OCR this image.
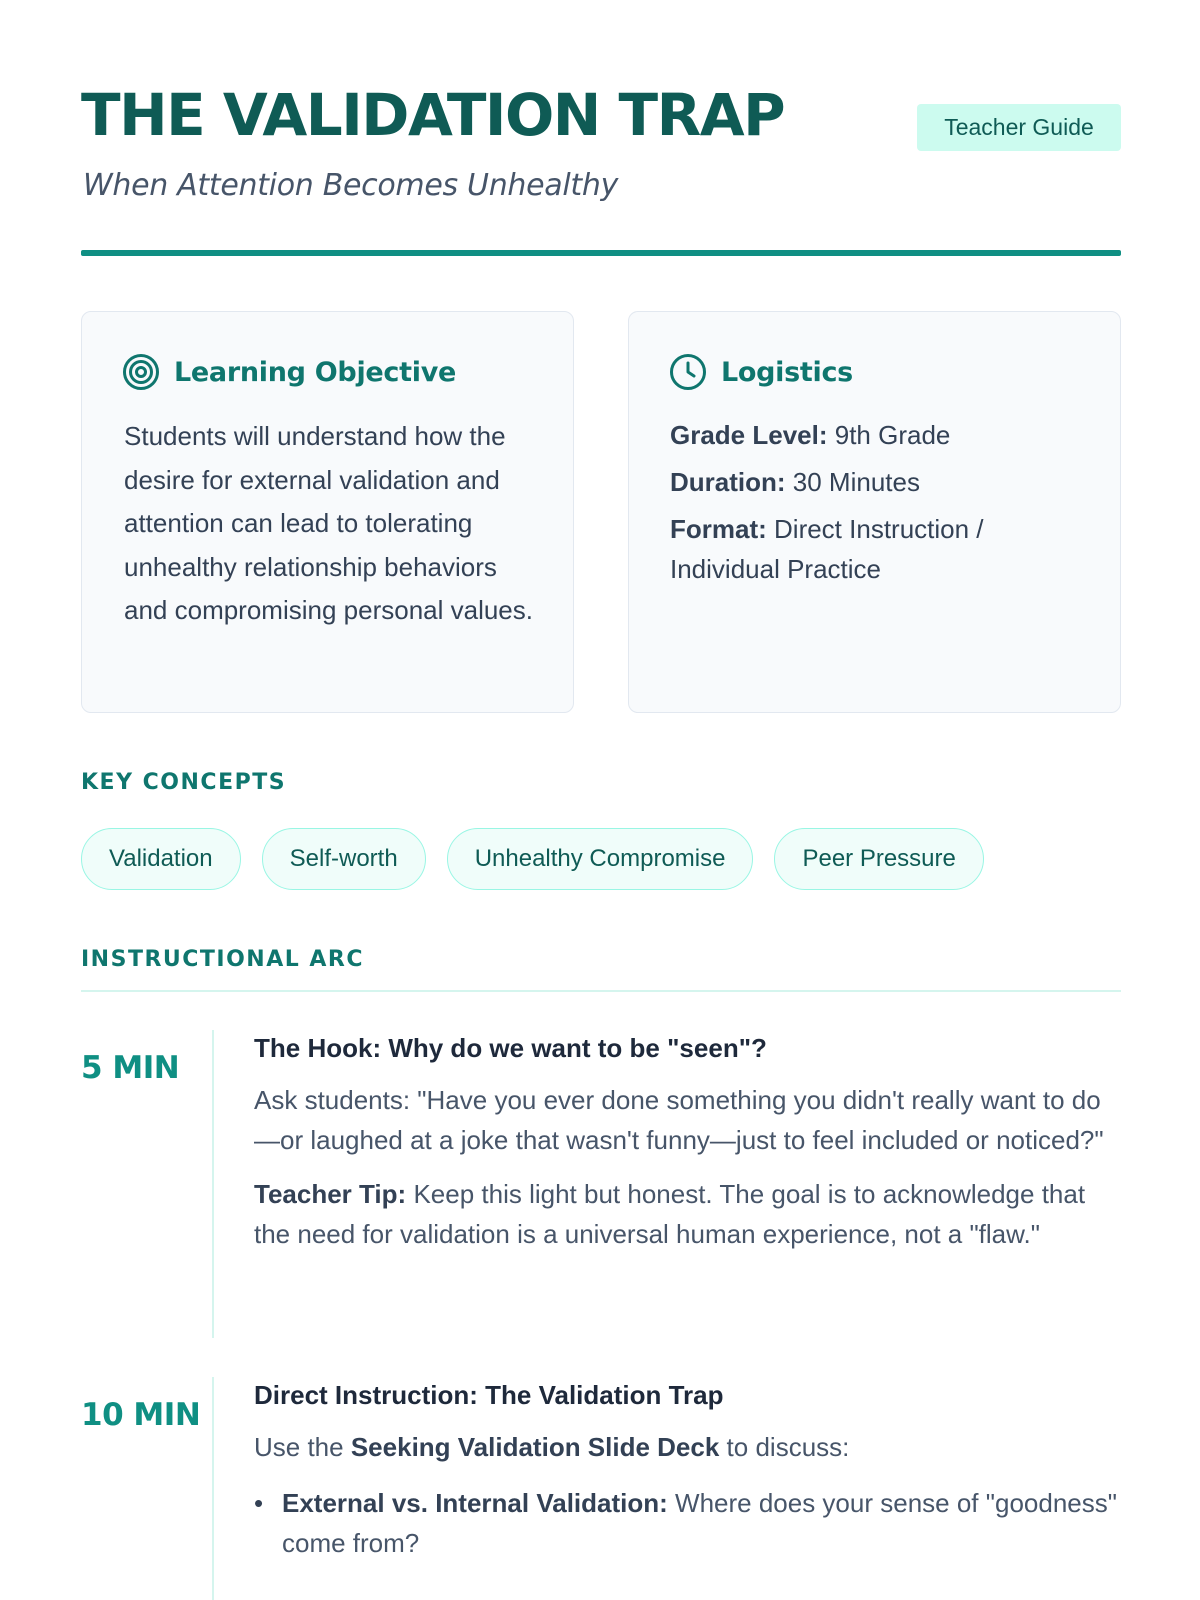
THE VALIDATION TRAP	Teacher Guide
When Attention Becomes Unhealthy
Learning Objective

Students will understand how the desire for external validation and attention can lead to tolerating unhealthy relationship behaviors and compromising personal values.

Logistics
Grade Level: 9th Grade
Duration: 30 Minutes
Format: Direct Instruction / Individual Practice
KEY CONCEPTS
Validation	Self-worth	Unhealthy Compromise	Peer Pressure
INSTRUCTIONAL ARC
5 MIN
The Hook: Why do we want to be "seen"?

Ask students: "Have you ever done something you didn't really want to do—or laughed at a joke that wasn't funny—just to feel included or noticed?"

Teacher Tip: Keep this light but honest. The goal is to acknowledge that the need for validation is a universal human experience, not a "flaw."

10 MIN
Direct Instruction: The Validation Trap

Use the Seeking Validation Slide Deck to discuss:

• External vs. Internal Validation: Where does your sense of "goodness" come from?
